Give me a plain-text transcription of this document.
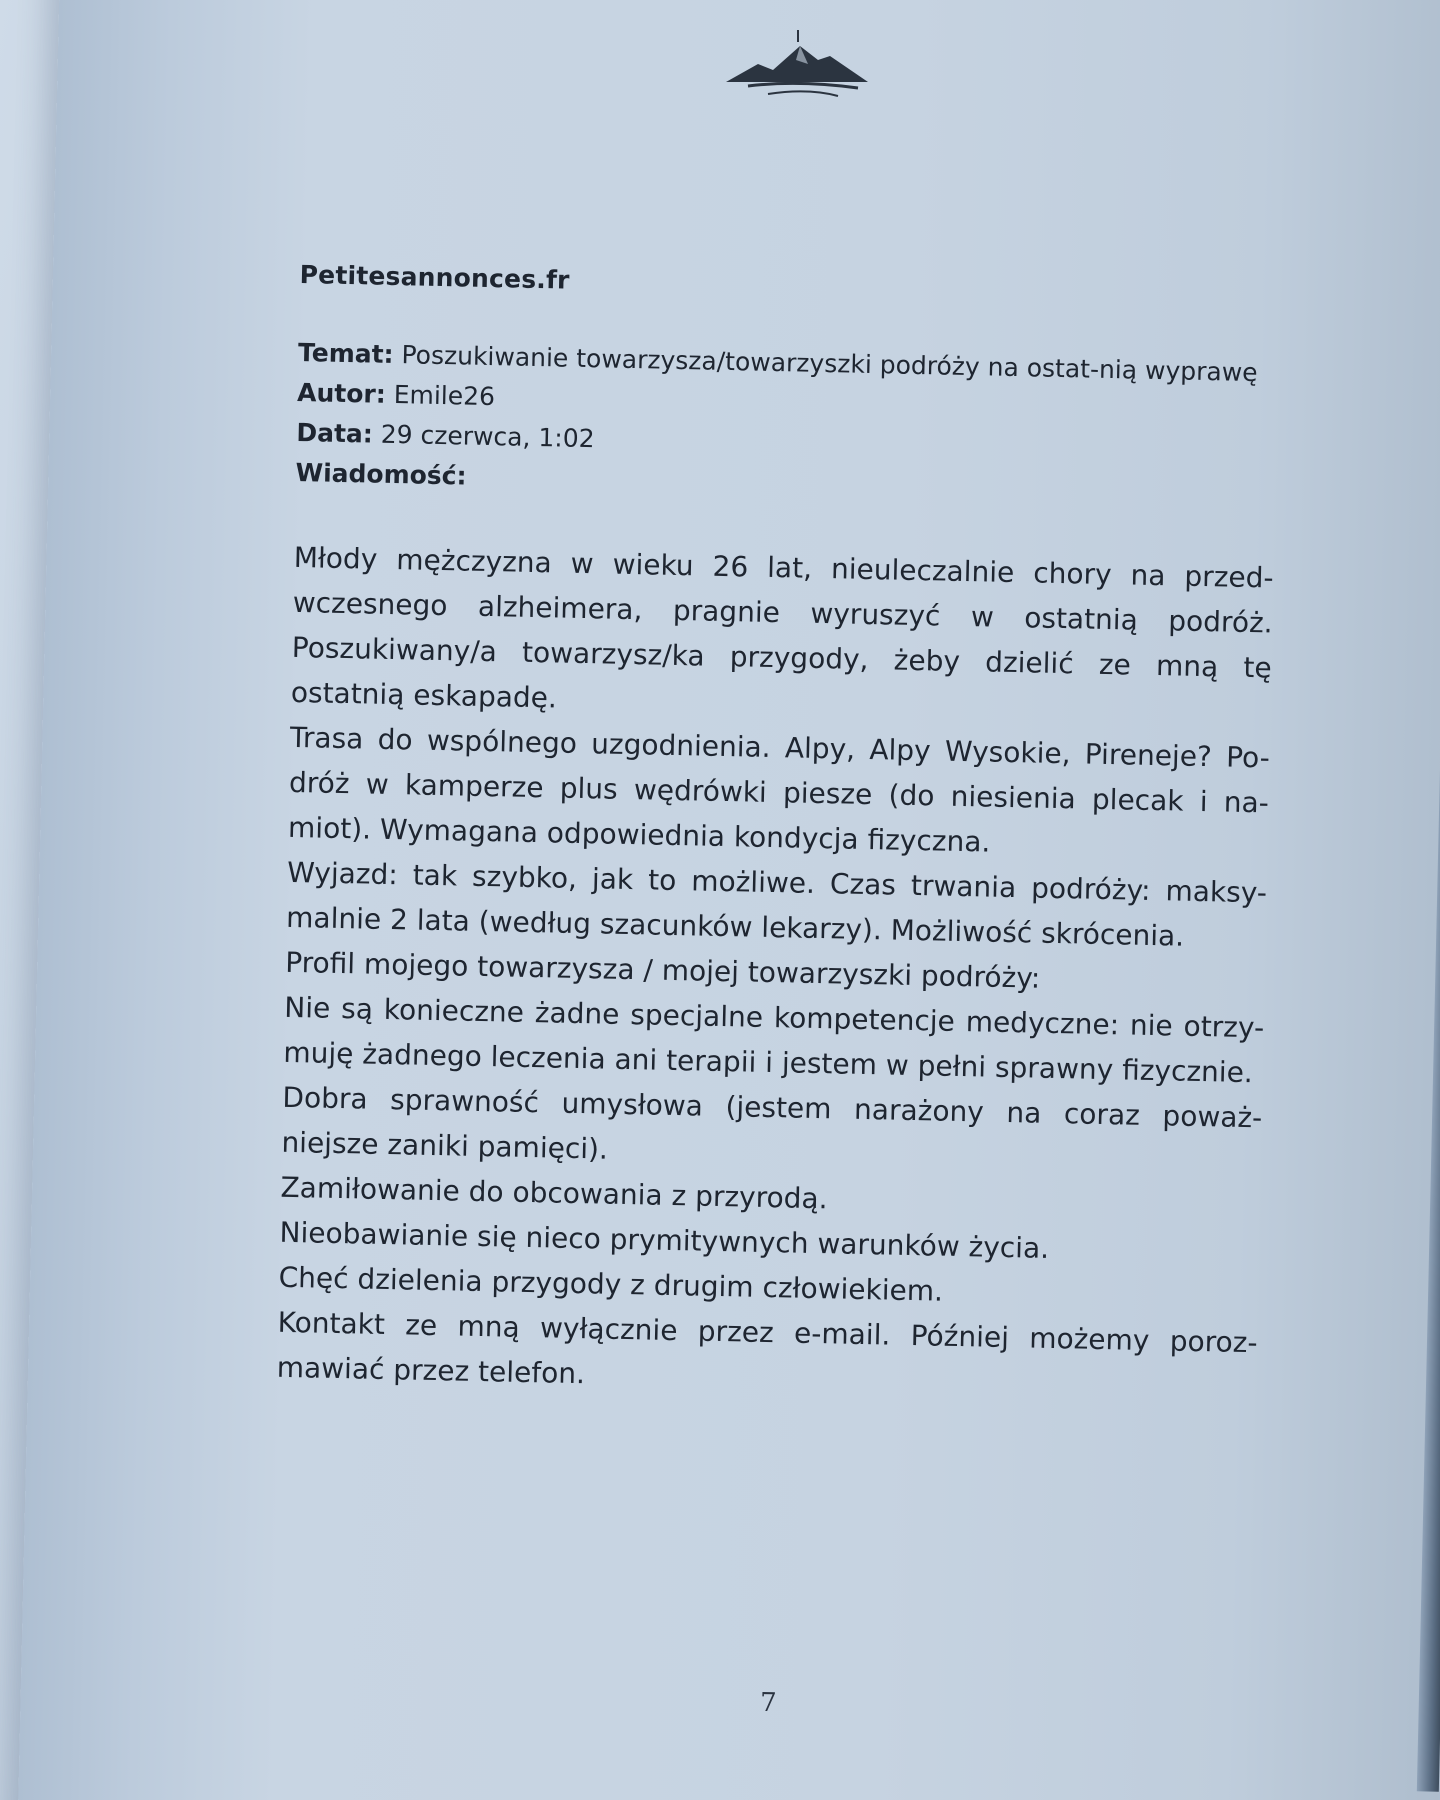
Petitesannonces.fr

Temat: Poszukiwanie towarzysza/towarzyszki podróży na ostat-nią wyprawę

Autor: Emile26

Data: 29 czerwca, 1:02

Wiadomość:

Młody mężczyzna w wieku 26 lat, nieuleczalnie chory na przed-wczesnego alzheimera, pragnie wyruszyć w ostatnią podróż. Poszukiwany/a towarzysz/ka przygody, żeby dzielić ze mną tę ostatnią eskapadę.

Trasa do wspólnego uzgodnienia. Alpy, Alpy Wysokie, Pireneje? Po-dróż w kamperze plus wędrówki piesze (do niesienia plecak i na-miot). Wymagana odpowiednia kondycja fizyczna.

Wyjazd: tak szybko, jak to możliwe. Czas trwania podróży: maksy-malnie 2 lata (według szacunków lekarzy). Możliwość skrócenia.

Profil mojego towarzysza / mojej towarzyszki podróży:

Nie są konieczne żadne specjalne kompetencje medyczne: nie otrzy-muję żadnego leczenia ani terapii i jestem w pełni sprawny fizycznie.

Dobra sprawność umysłowa (jestem narażony na coraz poważ-niejsze zaniki pamięci).

Zamiłowanie do obcowania z przyrodą.

Nieobawianie się nieco prymitywnych warunków życia.

Chęć dzielenia przygody z drugim człowiekiem.

Kontakt ze mną wyłącznie przez e-mail. Później możemy poroz-mawiać przez telefon.

7
